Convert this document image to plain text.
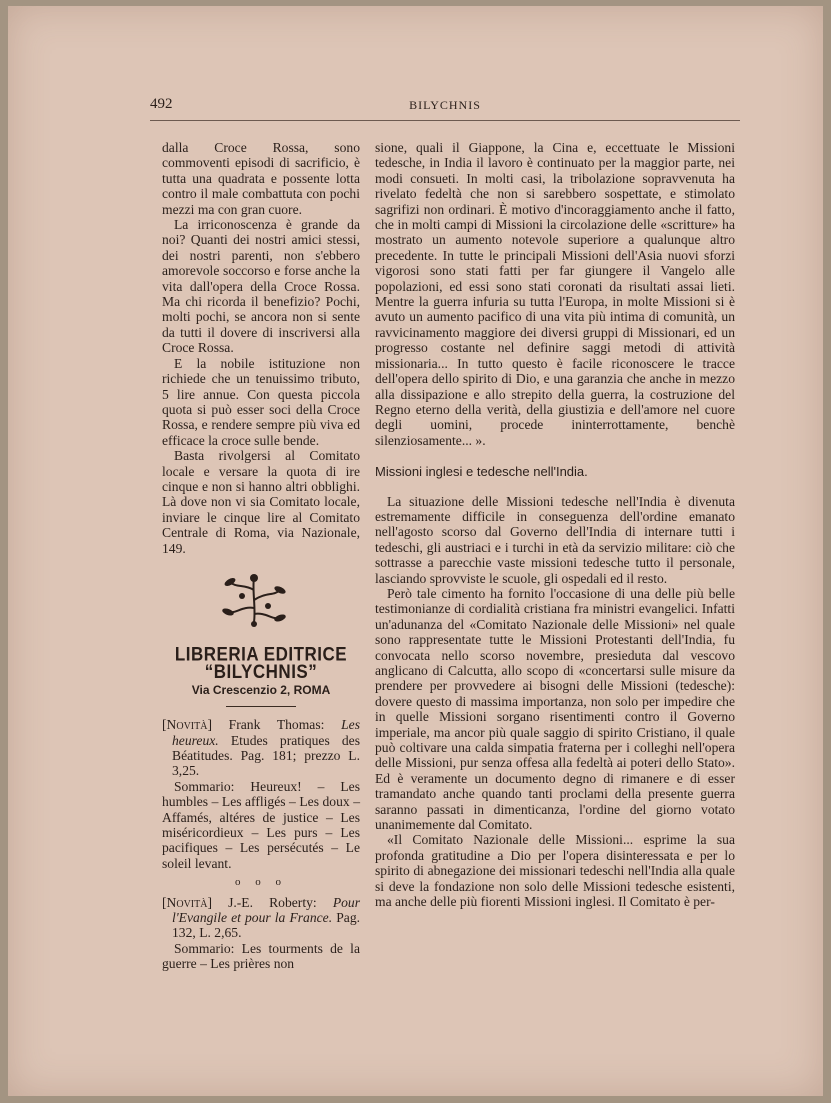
492	BILYCHNIS

dalla Croce Rossa, sono commoventi episodi di sacrificio, è tutta una quadrata e possente lotta contro il male combattuta con pochi mezzi ma con gran cuore.

La irriconoscenza è grande da noi? Quanti dei nostri amici stessi, dei nostri parenti, non s'ebbero amorevole soccorso e forse anche la vita dall'opera della Croce Rossa. Ma chi ricorda il benefizio? Pochi, molti pochi, se ancora non si sente da tutti il dovere di inscriversi alla Croce Rossa.

E la nobile istituzione non richiede che un tenuissimo tributo, 5 lire annue. Con questa piccola quota si può esser soci della Croce Rossa, e rendere sempre più viva ed efficace la croce sulle bende.

Basta rivolgersi al Comitato locale e versare la quota di ire cinque e non si hanno altri obblighi. Là dove non vi sia Comitato locale, inviare le cinque lire al Comitato Centrale di Roma, via Nazionale, 149.

LIBRERIA EDITRICE “BILYCHNIS”
Via Crescenzio 2, ROMA

[Novità] Frank Thomas: Les heureux. Etudes pratiques des Béatitudes. Pag. 181; prezzo L. 3,25.

Sommario: Heureux! – Les humbles – Les affligés – Les doux – Affamés, altéres de justice – Les miséricordieux – Les purs – Les pacifiques – Les persécutés – Le soleil levant.

o o o

[Novità] J.-E. Roberty: Pour l'Evangile et pour la France. Pag. 132, L. 2,65.

Sommario: Les tourments de la guerre – Les prières non

sione, quali il Giappone, la Cina e, eccettuate le Missioni tedesche, in India il lavoro è continuato per la maggior parte, nei modi consueti. In molti casi, la tribolazione sopravvenuta ha rivelato fedeltà che non si sarebbero sospettate, e stimolato sagrifizi non ordinari. È motivo d'incoraggiamento anche il fatto, che in molti campi di Missioni la circolazione delle «scritture» ha mostrato un aumento notevole superiore a qualunque altro precedente. In tutte le principali Missioni dell'Asia nuovi sforzi vigorosi sono stati fatti per far giungere il Vangelo alle popolazioni, ed essi sono stati coronati da risultati assai lieti. Mentre la guerra infuria su tutta l'Europa, in molte Missioni si è avuto un aumento pacifico di una vita più intima di comunità, un ravvicinamento maggiore dei diversi gruppi di Missionari, ed un progresso costante nel definire saggi metodi di attività missionaria... In tutto questo è facile riconoscere le tracce dell'opera dello spirito di Dio, e una garanzia che anche in mezzo alla dissipazione e allo strepito della guerra, la costruzione del Regno eterno della verità, della giustizia e dell'amore nel cuore degli uomini, procede ininterrottamente, benchè silenziosamente... ».

Missioni inglesi e tedesche nell'India.

La situazione delle Missioni tedesche nell'India è divenuta estremamente difficile in conseguenza dell'ordine emanato nell'agosto scorso dal Governo dell'India di internare tutti i tedeschi, gli austriaci e i turchi in età da servizio militare: ciò che sottrasse a parecchie vaste missioni tedesche tutto il personale, lasciando sprovviste le scuole, gli ospedali ed il resto.

Però tale cimento ha fornito l'occasione di una delle più belle testimonianze di cordialità cristiana fra ministri evangelici. Infatti un'adunanza del «Comitato Nazionale delle Missioni» nel quale sono rappresentate tutte le Missioni Protestanti dell'India, fu convocata nello scorso novembre, presieduta dal vescovo anglicano di Calcutta, allo scopo di «concertarsi sulle misure da prendere per provvedere ai bisogni delle Missioni (tedesche): dovere questo di massima importanza, non solo per impedire che in quelle Missioni sorgano risentimenti contro il Governo imperiale, ma ancor più quale saggio di spirito Cristiano, il quale può coltivare una calda simpatia fraterna per i colleghi nell'opera delle Missioni, pur senza offesa alla fedeltà ai poteri dello Stato». Ed è veramente un documento degno di rimanere e di esser tramandato anche quando tanti proclami della presente guerra saranno passati in dimenticanza, l'ordine del giorno votato unanimemente dal Comitato.

«Il Comitato Nazionale delle Missioni... esprime la sua profonda gratitudine a Dio per l'opera disinteressata e per lo spirito di abnegazione dei missionari tedeschi nell'India alla quale si deve la fondazione non solo delle Missioni tedesche esistenti, ma anche delle più fiorenti Missioni inglesi. Il Comitato è per-
